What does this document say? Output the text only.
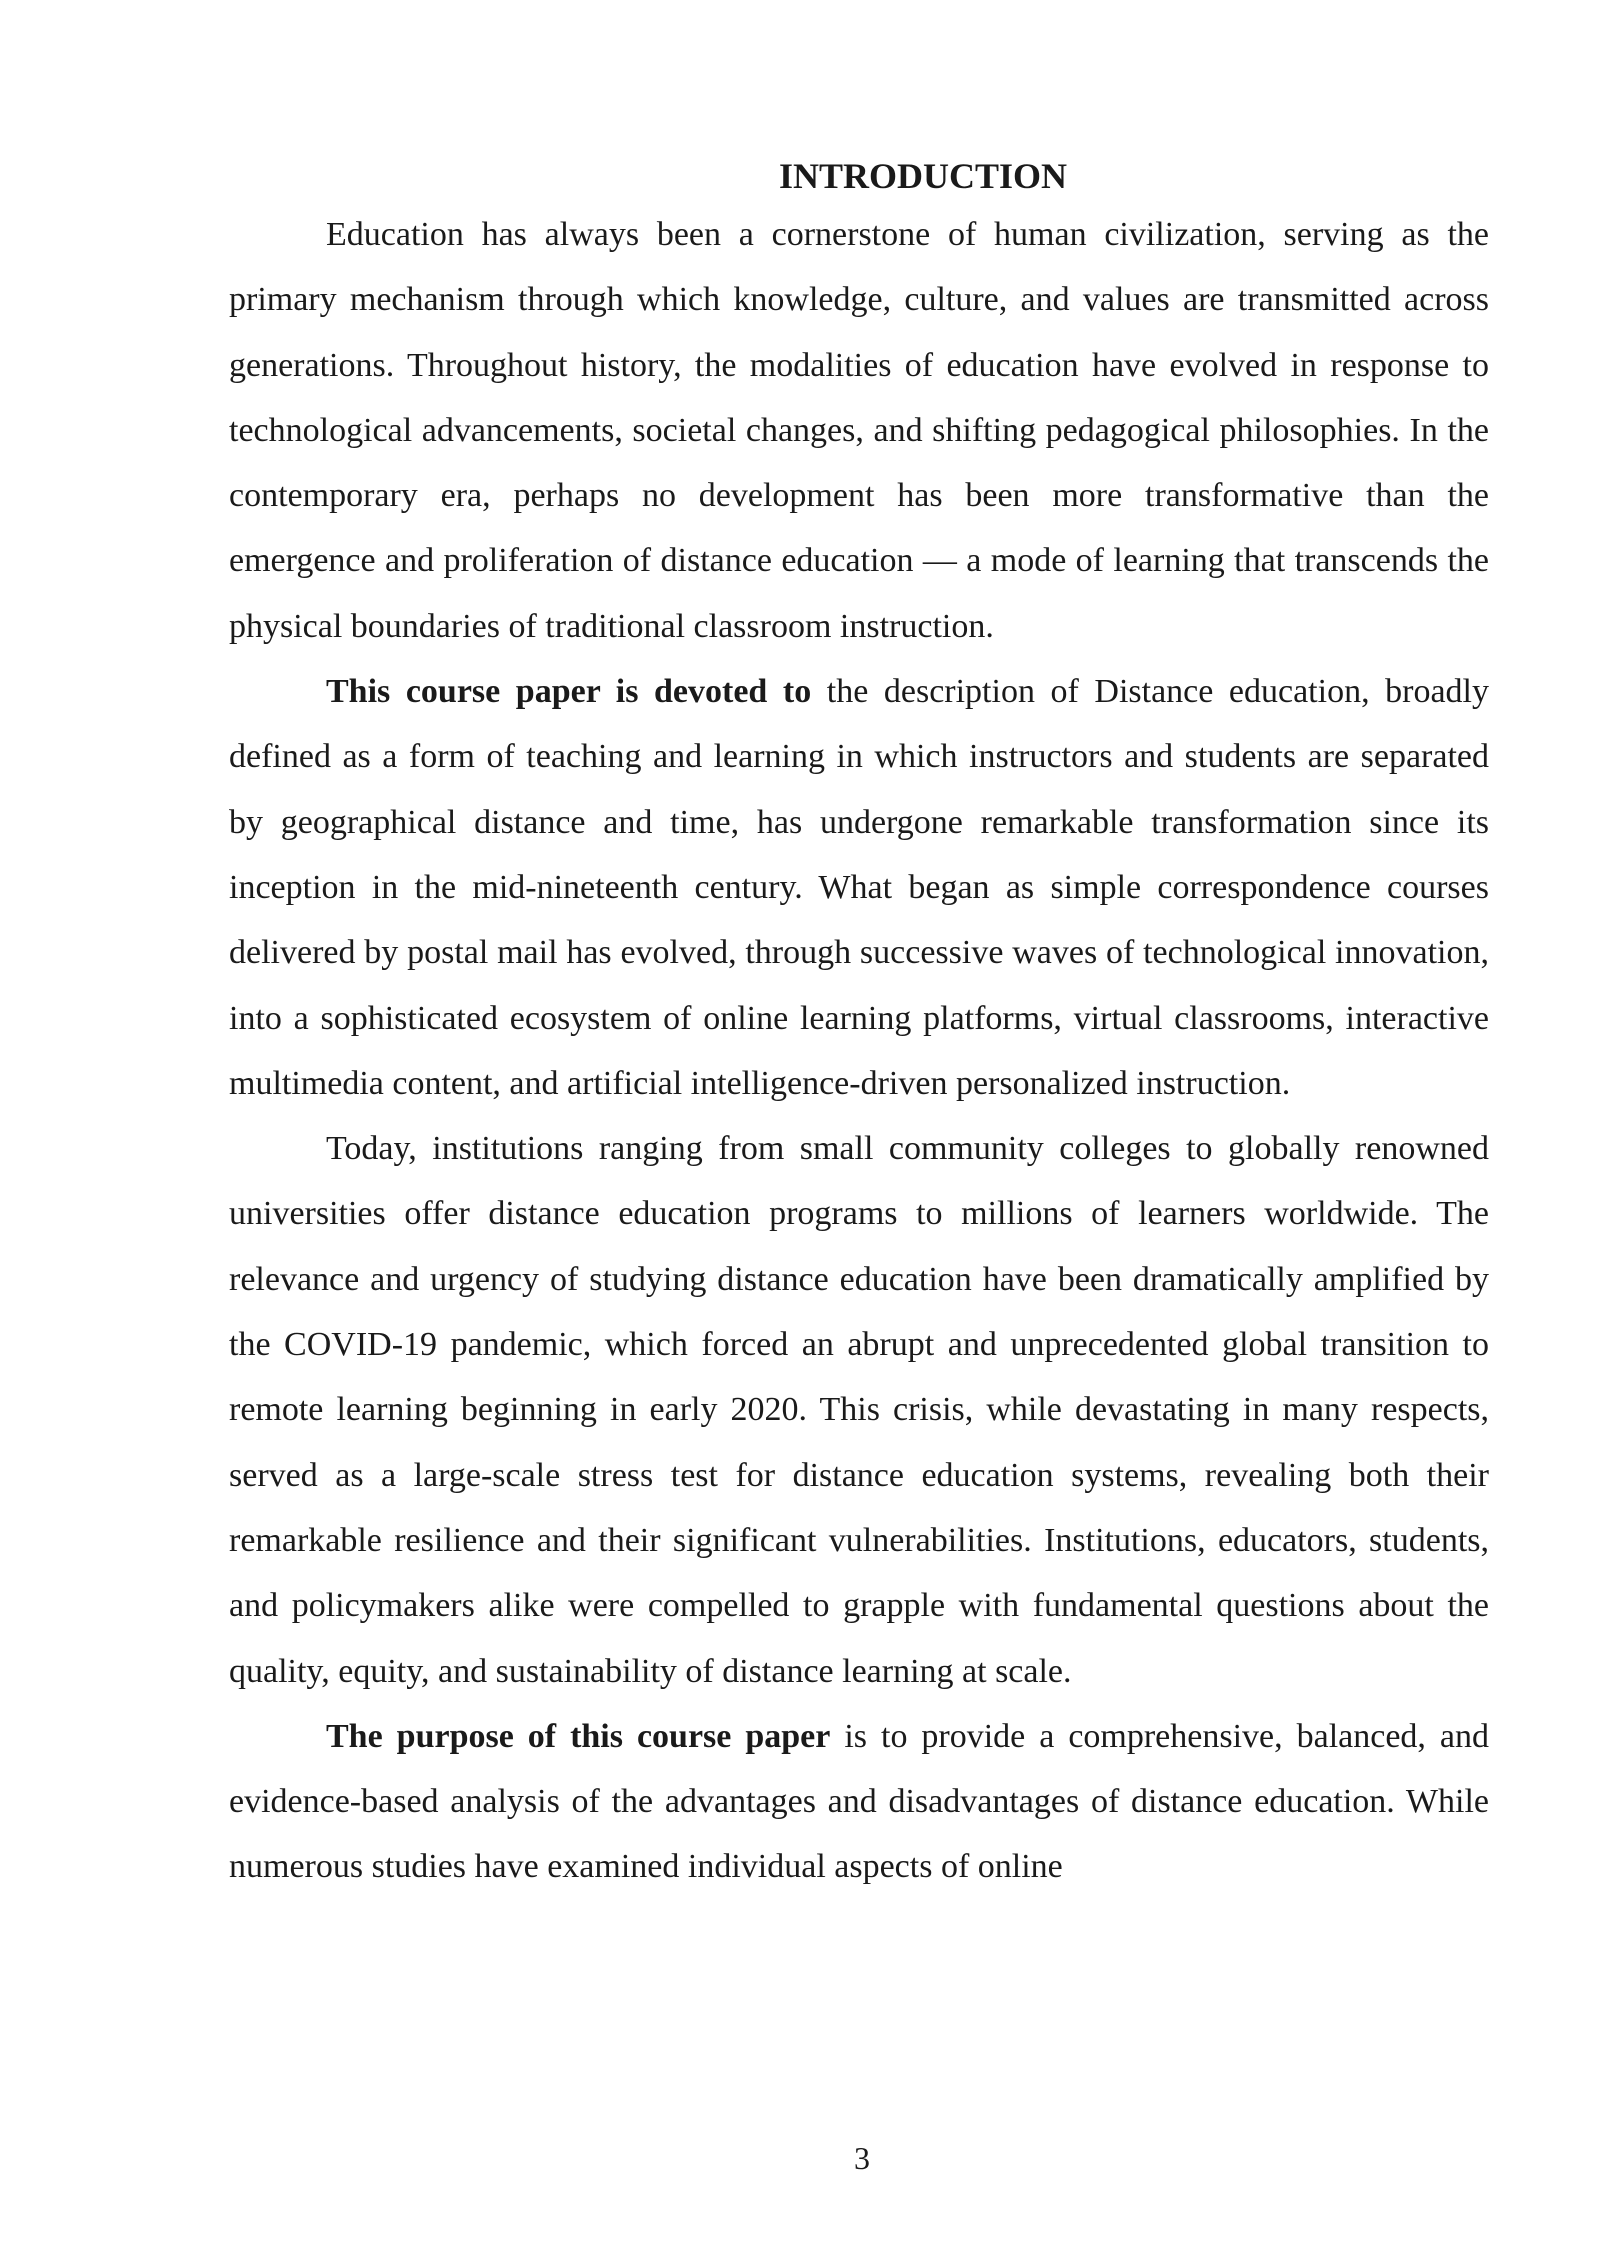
INTRODUCTION

Education has always been a cornerstone of human civilization, serving as the primary mechanism through which knowledge, culture, and values are transmitted across generations. Throughout history, the modalities of education have evolved in response to technological advancements, societal changes, and shifting pedagogical philosophies. In the contemporary era, perhaps no development has been more transformative than the emergence and proliferation of distance education — a mode of learning that transcends the physical boundaries of traditional classroom instruction.

This course paper is devoted to the description of Distance education, broadly defined as a form of teaching and learning in which instructors and students are separated by geographical distance and time, has undergone remarkable transformation since its inception in the mid-nineteenth century. What began as simple correspondence courses delivered by postal mail has evolved, through successive waves of technological innovation, into a sophisticated ecosystem of online learning platforms, virtual classrooms, interactive multimedia content, and artificial intelligence-driven personalized instruction.

Today, institutions ranging from small community colleges to globally renowned universities offer distance education programs to millions of learners worldwide. The relevance and urgency of studying distance education have been dramatically amplified by the COVID-19 pandemic, which forced an abrupt and unprecedented global transition to remote learning beginning in early 2020. This crisis, while devastating in many respects, served as a large-scale stress test for distance education systems, revealing both their remarkable resilience and their significant vulnerabilities. Institutions, educators, students, and policymakers alike were compelled to grapple with fundamental questions about the quality, equity, and sustainability of distance learning at scale.

The purpose of this course paper is to provide a comprehensive, balanced, and evidence-based analysis of the advantages and disadvantages of distance education. While numerous studies have examined individual aspects of online

3
